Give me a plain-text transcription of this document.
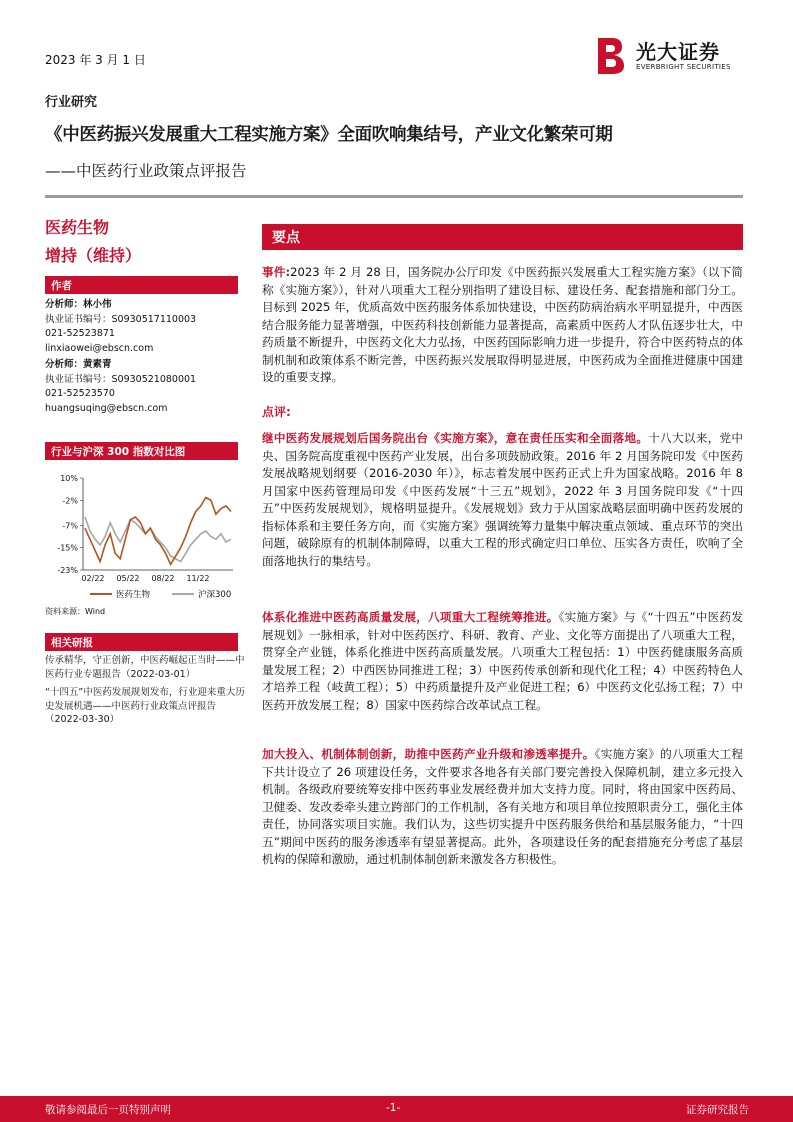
2023 年 3 月 1 日	光大证券
EVERBRIGHT SECURITIES
行业研究
《中医药振兴发展重大工程实施方案》全面吹响集结号，产业文化繁荣可期
——中医药行业政策点评报告
医药生物
增持（维持）
作者
分析师：林小伟
执业证书编号：S0930517110003
021-52523871
linxiaowei@ebscn.com
分析师：黄素青
执业证书编号：S0930521080001
021-52523570
huangsuqing@ebscn.com
行业与沪深 300 指数对比图
10%
-2%
-7%
-15%
-23%
02/22 05/22 08/22 11/22
医药生物	沪深300
资料来源：Wind
相关研报
传承精华，守正创新，中医药崛起正当时——中医药行业专题报告（2022-03-01）
“十四五”中医药发展规划发布，行业迎来重大历史发展机遇——中医药行业政策点评报告（2022-03-30）
要点
事件:2023 年 2 月 28 日，国务院办公厅印发《中医药振兴发展重大工程实施方案》（以下简称《实施方案》），针对八项重大工程分别指明了建设目标、建设任务、配套措施和部门分工。目标到 2025 年，优质高效中医药服务体系加快建设，中医药防病治病水平明显提升，中西医结合服务能力显著增强，中医药科技创新能力显著提高，高素质中医药人才队伍逐步壮大，中药质量不断提升，中医药文化大力弘扬，中医药国际影响力进一步提升，符合中医药特点的体制机制和政策体系不断完善，中医药振兴发展取得明显进展，中医药成为全面推进健康中国建设的重要支撑。
点评:
继中医药发展规划后国务院出台《实施方案》，意在责任压实和全面落地。十八大以来，党中央、国务院高度重视中医药产业发展，出台多项鼓励政策。2016 年 2 月国务院印发《中医药发展战略规划纲要（2016-2030 年）》，标志着发展中医药正式上升为国家战略。2016 年 8 月国家中医药管理局印发《中医药发展“十三五”规划》，2022 年 3 月国务院印发《“十四五”中医药发展规划》，规格明显提升。《发展规划》致力于从国家战略层面明确中医药发展的指标体系和主要任务方向，而《实施方案》强调统筹力量集中解决重点领域、重点环节的突出问题，破除原有的机制体制障碍，以重大工程的形式确定归口单位、压实各方责任，吹响了全面落地执行的集结号。
体系化推进中医药高质量发展，八项重大工程统筹推进。《实施方案》与《“十四五”中医药发展规划》一脉相承，针对中医药医疗、科研、教育、产业、文化等方面提出了八项重大工程，贯穿全产业链，体系化推进中医药高质量发展。八项重大工程包括：1）中医药健康服务高质量发展工程；2）中西医协同推进工程；3）中医药传承创新和现代化工程；4）中医药特色人才培养工程（岐黄工程）；5）中药质量提升及产业促进工程；6）中医药文化弘扬工程；7）中医药开放发展工程；8）国家中医药综合改革试点工程。
加大投入、机制体制创新，助推中医药产业升级和渗透率提升。《实施方案》的八项重大工程下共计设立了 26 项建设任务，文件要求各地各有关部门要完善投入保障机制，建立多元投入机制。各级政府要统筹安排中医药事业发展经费并加大支持力度。同时，将由国家中医药局、卫健委、发改委牵头建立跨部门的工作机制，各有关地方和项目单位按照职责分工，强化主体责任，协同落实项目实施。我们认为，这些切实提升中医药服务供给和基层服务能力，“十四五”期间中医药的服务渗透率有望显著提高。此外，各项建设任务的配套措施充分考虑了基层机构的保障和激励，通过机制体制创新来激发各方积极性。
敬请参阅最后一页特别声明	-1-	证券研究报告
